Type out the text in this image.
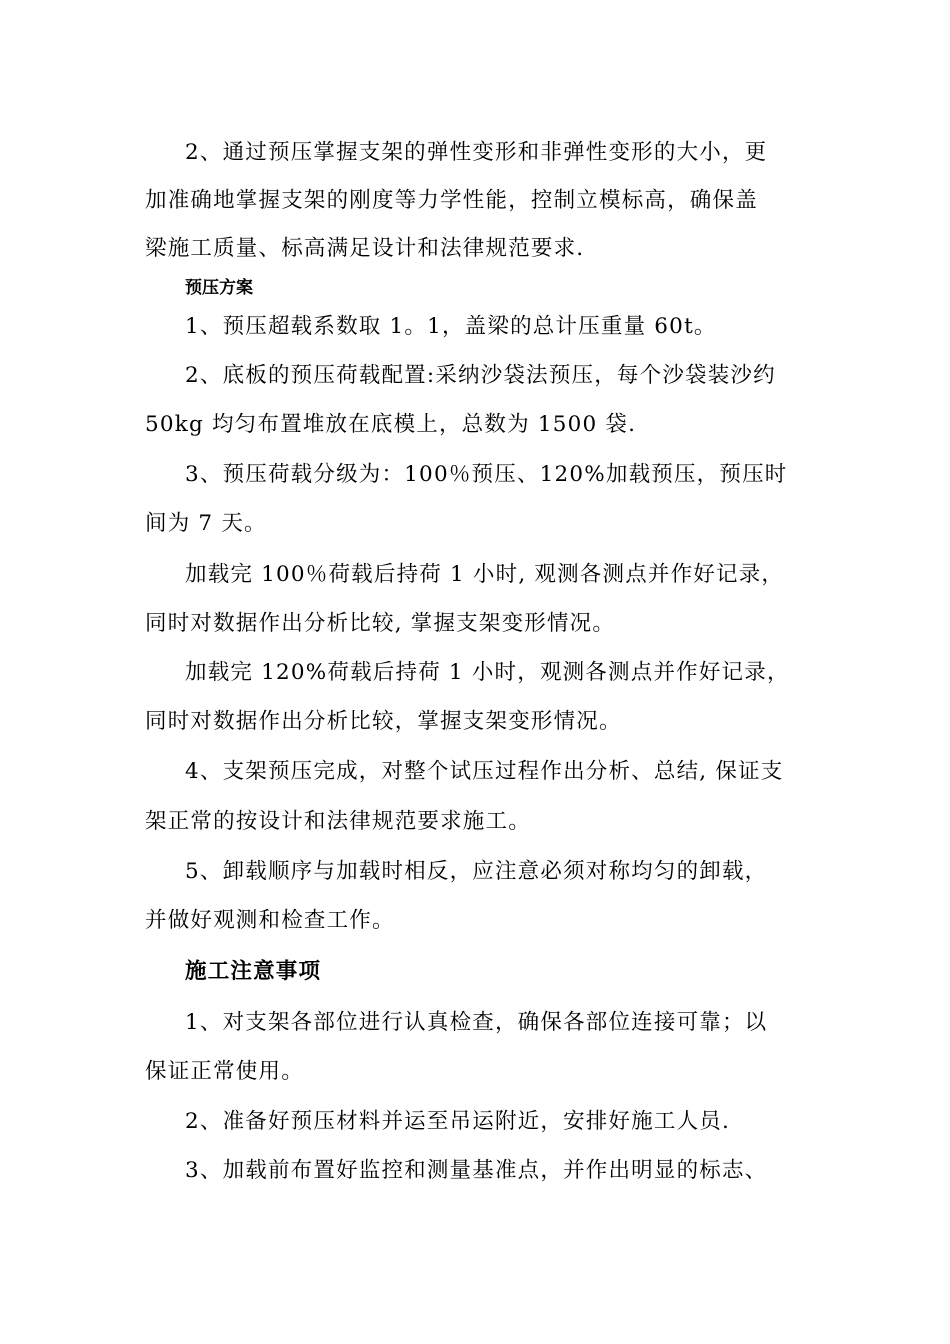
2、通过预压掌握支架的弹性变形和非弹性变形的大小，更
加准确地掌握支架的刚度等力学性能，控制立模标高，确保盖
梁施工质量、标高满足设计和法律规范要求.
预压方案
1、预压超载系数取 1。1，盖梁的总计压重量 60t。
2、底板的预压荷载配置:采纳沙袋法预压，每个沙袋装沙约
50kg 均匀布置堆放在底模上，总数为 1500 袋.
3、预压荷载分级为：100％预压、120%加载预压，预压时
间为 7 天。
加载完 100％荷载后持荷 1 小时, 观测各测点并作好记录，
同时对数据作出分析比较, 掌握支架变形情况。
加载完 120%荷载后持荷 1 小时，观测各测点并作好记录，
同时对数据作出分析比较，掌握支架变形情况。
4、支架预压完成，对整个试压过程作出分析、总结, 保证支
架正常的按设计和法律规范要求施工。
5、卸载顺序与加载时相反，应注意必须对称均匀的卸载，
并做好观测和检查工作。
施工注意事项
1、对支架各部位进行认真检查，确保各部位连接可靠；以
保证正常使用。
2、准备好预压材料并运至吊运附近，安排好施工人员.
3、加载前布置好监控和测量基准点，并作出明显的标志、
